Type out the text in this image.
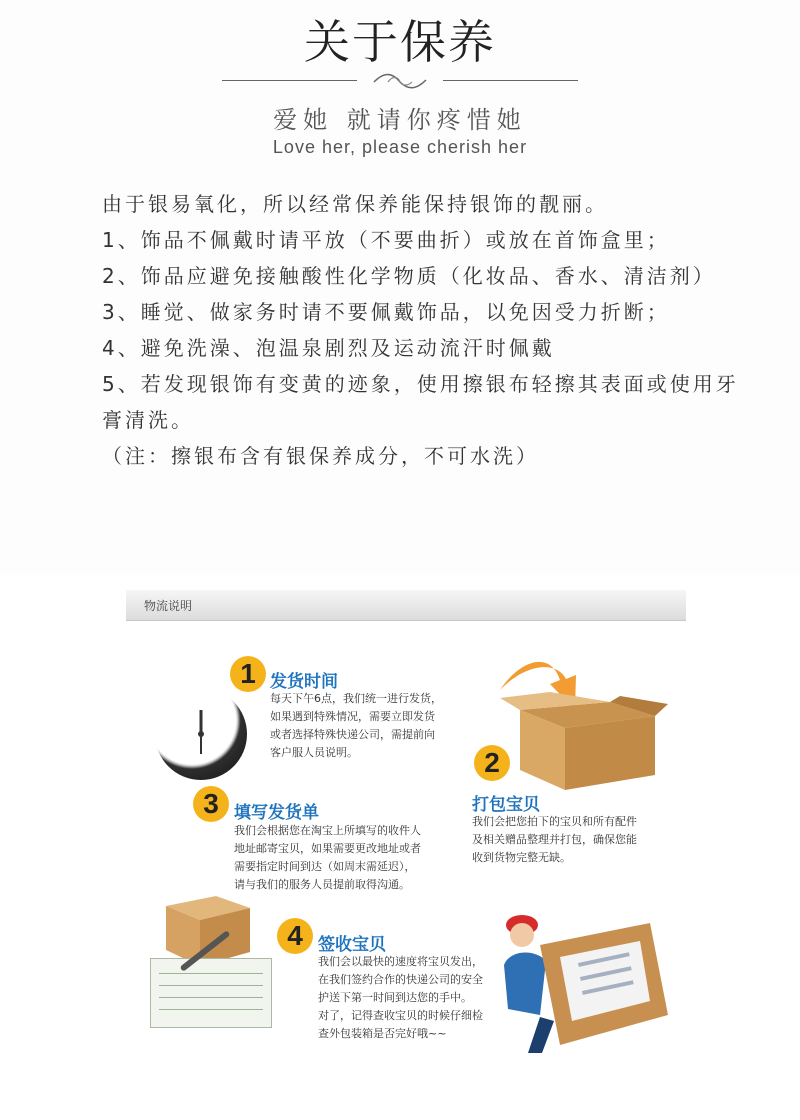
关于保养
爱她 就请你疼惜她
Love her, please cherish her

由于银易氧化，所以经常保养能保持银饰的靓丽。

1、饰品不佩戴时请平放（不要曲折）或放在首饰盒里；

2、饰品应避免接触酸性化学物质（化妆品、香水、清洁剂）

3、睡觉、做家务时请不要佩戴饰品，以免因受力折断；

4、避免洗澡、泡温泉剧烈及运动流汗时佩戴

5、若发现银饰有变黄的迹象，使用擦银布轻擦其表面或使用牙膏清洗。

（注：擦银布含有银保养成分，不可水洗）

物流说明
1 发货时间
每天下午6点，我们统一进行发货，
如果遇到特殊情况，需要立即发货
或者选择特殊快递公司，需提前向
客户服人员说明。	2
打包宝贝
我们会把您拍下的宝贝和所有配件
及相关赠品整理并打包，确保您能
收到货物完整无缺。
3 填写发货单
我们会根据您在淘宝上所填写的收件人
地址邮寄宝贝，如果需要更改地址或者
需要指定时间到达（如周末需延迟），
请与我们的服务人员提前取得沟通。
4 签收宝贝
我们会以最快的速度将宝贝发出，
在我们签约合作的快递公司的安全
护送下第一时间到达您的手中。
对了，记得查收宝贝的时候仔细检
查外包装箱是否完好哦~~
